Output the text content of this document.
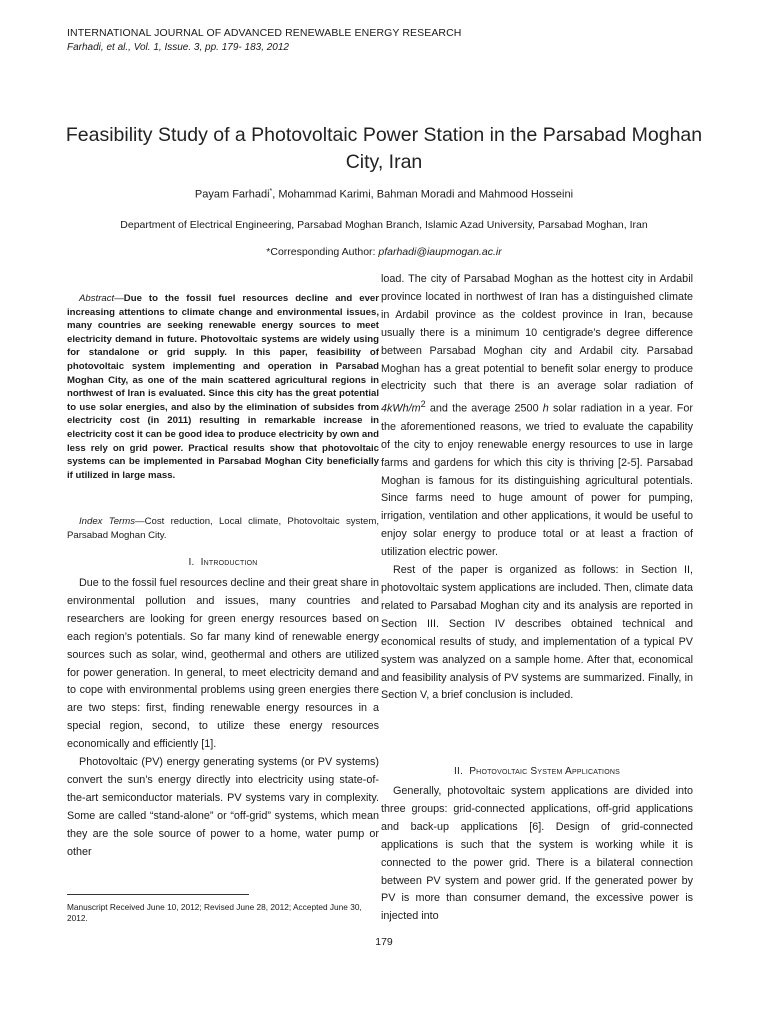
INTERNATIONAL JOURNAL OF ADVANCED RENEWABLE ENERGY RESEARCH
Farhadi, et al., Vol. 1, Issue. 3, pp. 179- 183, 2012
Feasibility Study of a Photovoltaic Power Station in the Parsabad Moghan City, Iran
Payam Farhadi*, Mohammad Karimi, Bahman Moradi and Mahmood Hosseini
Department of Electrical Engineering, Parsabad Moghan Branch, Islamic Azad University, Parsabad Moghan, Iran
*Corresponding Author: pfarhadi@iaupmogan.ac.ir
Abstract—Due to the fossil fuel resources decline and ever increasing attentions to climate change and environmental issues, many countries are seeking renewable energy sources to meet electricity demand in future. Photovoltaic systems are widely using for standalone or grid supply. In this paper, feasibility of photovoltaic system implementing and operation in Parsabad Moghan City, as one of the main scattered agricultural regions in northwest of Iran is evaluated. Since this city has the great potential to use solar energies, and also by the elimination of subsides from electricity cost (in 2011) resulting in remarkable increase in electricity cost it can be good idea to produce electricity by own and less rely on grid power. Practical results show that photovoltaic systems can be implemented in Parsabad Moghan City beneficially if utilized in large mass.
Index Terms—Cost reduction, Local climate, Photovoltaic system, Parsabad Moghan City.
I. Introduction

Due to the fossil fuel resources decline and their great share in environmental pollution and issues, many countries and researchers are looking for green energy resources based on each region’s potentials. So far many kind of renewable energy sources such as solar, wind, geothermal and others are utilized for power generation. In general, to meet electricity demand and to cope with environmental problems using green energies there are two steps: first, finding renewable energy resources in a special region, second, to utilize these energy resources economically and efficiently [1].

Photovoltaic (PV) energy generating systems (or PV systems) convert the sun’s energy directly into electricity using state-of-the-art semiconductor materials. PV systems vary in complexity. Some are called “stand-alone” or “off-grid” systems, which mean they are the sole source of power to a home, water pump or other

load. The city of Parsabad Moghan as the hottest city in Ardabil province located in northwest of Iran has a distinguished climate in Ardabil province as the coldest province in Iran, because usually there is a minimum 10 centigrade’s degree difference between Parsabad Moghan city and Ardabil city. Parsabad Moghan has a great potential to benefit solar energy to produce electricity such that there is an average solar radiation of $4kWh/m^2$ and the average 2500 h solar radiation in a year. For the aforementioned reasons, we tried to evaluate the capability of the city to enjoy renewable energy resources to use in large farms and gardens for which this city is thriving [2-5]. Parsabad Moghan is famous for its distinguishing agricultural potentials. Since farms need to huge amount of power for pumping, irrigation, ventilation and other applications, it would be useful to enjoy solar energy to produce total or at least a fraction of utilization electric power.

Rest of the paper is organized as follows: in Section II, photovoltaic system applications are included. Then, climate data related to Parsabad Moghan city and its analysis are reported in Section III. Section IV describes obtained technical and economical results of study, and implementation of a typical PV system was analyzed on a sample home. After that, economical and feasibility analysis of PV systems are summarized. Finally, in Section V, a brief conclusion is included.

II. Photovoltaic System Applications

Generally, photovoltaic system applications are divided into three groups: grid-connected applications, off-grid applications and back-up applications [6]. Design of grid-connected applications is such that the system is working while it is connected to the power grid. There is a bilateral connection between PV system and power grid. If the generated power by PV is more than consumer demand, the excessive power is injected into

Manuscript Received June 10, 2012; Revised June 28, 2012; Accepted June 30, 2012.
179
